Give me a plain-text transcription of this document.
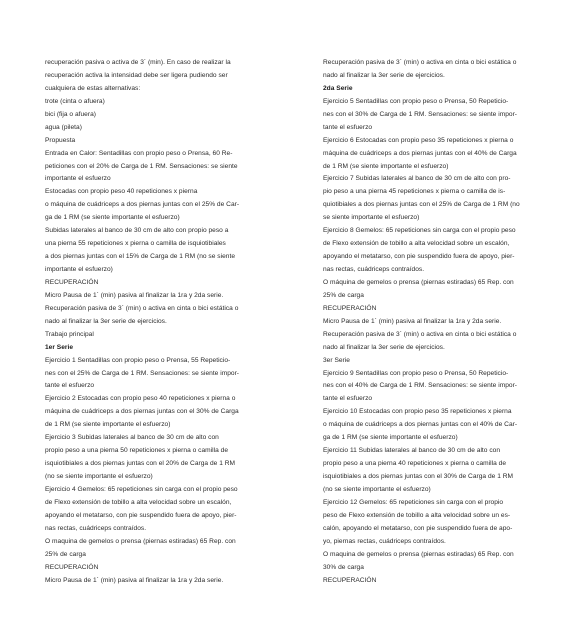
recuperación pasiva o activa de 3´ (min). En caso de realizar la
recuperación activa la intensidad debe ser ligera pudiendo ser
cualquiera de estas alternativas:
trote (cinta o afuera)
bici (fija o afuera)
agua (pileta)
Propuesta
Entrada en Calor: Sentadillas con propio peso o Prensa, 60 Re-
peticiones con el 20% de Carga de 1 RM. Sensaciones: se siente
importante el esfuerzo
Estocadas con propio peso 40 repeticiones x pierna
o máquina de cuádriceps a dos piernas juntas con el 25% de Car-
ga de 1 RM (se siente importante el esfuerzo)
Subidas laterales al banco de 30 cm de alto con propio peso a
una pierna 55 repeticiones x pierna o camilla de isquiotibiales
a dos piernas juntas con el 15% de Carga de 1 RM (no se siente
importante el esfuerzo)
RECUPERACIÓN
Micro Pausa de 1´ (min) pasiva al finalizar la 1ra y 2da serie.
Recuperación pasiva de 3´ (min) o activa en cinta o bici estática o
nado al finalizar la 3er serie de ejercicios.
Trabajo principal
1er Serie
Ejercicio 1 Sentadillas con propio peso o Prensa, 55 Repeticio-
nes con el 25% de Carga de 1 RM. Sensaciones: se siente impor-
tante el esfuerzo
Ejercicio 2 Estocadas con propio peso 40 repeticiones x pierna o
máquina de cuádriceps a dos piernas juntas con el 30% de Carga
de 1 RM (se siente importante el esfuerzo)
Ejercicio 3 Subidas laterales al banco de 30 cm de alto con
propio peso a una pierna 50 repeticiones x pierna o camilla de
isquiotibiales a dos piernas juntas con el 20% de Carga de 1 RM
(no se siente importante el esfuerzo)
Ejercicio 4 Gemelos: 65 repeticiones sin carga con el propio peso
de Flexo extensión de tobillo a alta velocidad sobre un escalón,
apoyando el metatarso, con pie suspendido fuera de apoyo, pier-
nas rectas, cuádriceps contraídos.
O maquina de gemelos o prensa (piernas estiradas) 65 Rep. con
25% de carga
RECUPERACIÓN
Micro Pausa de 1´ (min) pasiva al finalizar la 1ra y 2da serie.
Recuperación pasiva de 3´ (min) o activa en cinta o bici estática o
nado al finalizar la 3er serie de ejercicios.
2da Serie
Ejercicio 5 Sentadillas con propio peso o Prensa, 50 Repeticio-
nes con el 30% de Carga de 1 RM. Sensaciones: se siente impor-
tante el esfuerzo
Ejercicio 6 Estocadas con propio peso 35 repeticiones x pierna o
máquina de cuádriceps a dos piernas juntas con el 40% de Carga
de 1 RM (se siente importante el esfuerzo)
Ejercicio 7 Subidas laterales al banco de 30 cm de alto con pro-
pio peso a una pierna 45 repeticiones x pierna o camilla de is-
quiotibiales a dos piernas juntas con el 25% de Carga de 1 RM (no
se siente importante el esfuerzo)
Ejercicio 8 Gemelos: 65 repeticiones sin carga con el propio peso
de Flexo extensión de tobillo a alta velocidad sobre un escalón,
apoyando el metatarso, con pie suspendido fuera de apoyo, pier-
nas rectas, cuádriceps contraídos.
O máquina de gemelos o prensa (piernas estiradas) 65 Rep. con
25% de carga
RECUPERACIÓN
Micro Pausa de 1´ (min) pasiva al finalizar la 1ra y 2da serie.
Recuperación pasiva de 3´ (min) o activa en cinta o bici estática o
nado al finalizar la 3er serie de ejercicios.
3er Serie
Ejercicio 9 Sentadillas con propio peso o Prensa, 50 Repeticio-
nes con el 40% de Carga de 1 RM. Sensaciones: se siente impor-
tante el esfuerzo
Ejercicio 10 Estocadas con propio peso 35 repeticiones x pierna
o máquina de cuádriceps a dos piernas juntas con el 40% de Car-
ga de 1 RM (se siente importante el esfuerzo)
Ejercicio 11 Subidas laterales al banco de 30 cm de alto con
propio peso a una pierna 40 repeticiones x pierna o camilla de
isquiotibiales a dos piernas juntas con el 30% de Carga de 1 RM
(no se siente importante el esfuerzo)
Ejercicio 12 Gemelos: 65 repeticiones sin carga con el propio
peso de Flexo extensión de tobillo a alta velocidad sobre un es-
calón, apoyando el metatarso, con pie suspendido fuera de apo-
yo, piernas rectas, cuádriceps contraídos.
O maquina de gemelos o prensa (piernas estiradas) 65 Rep. con
30% de carga
RECUPERACIÓN
